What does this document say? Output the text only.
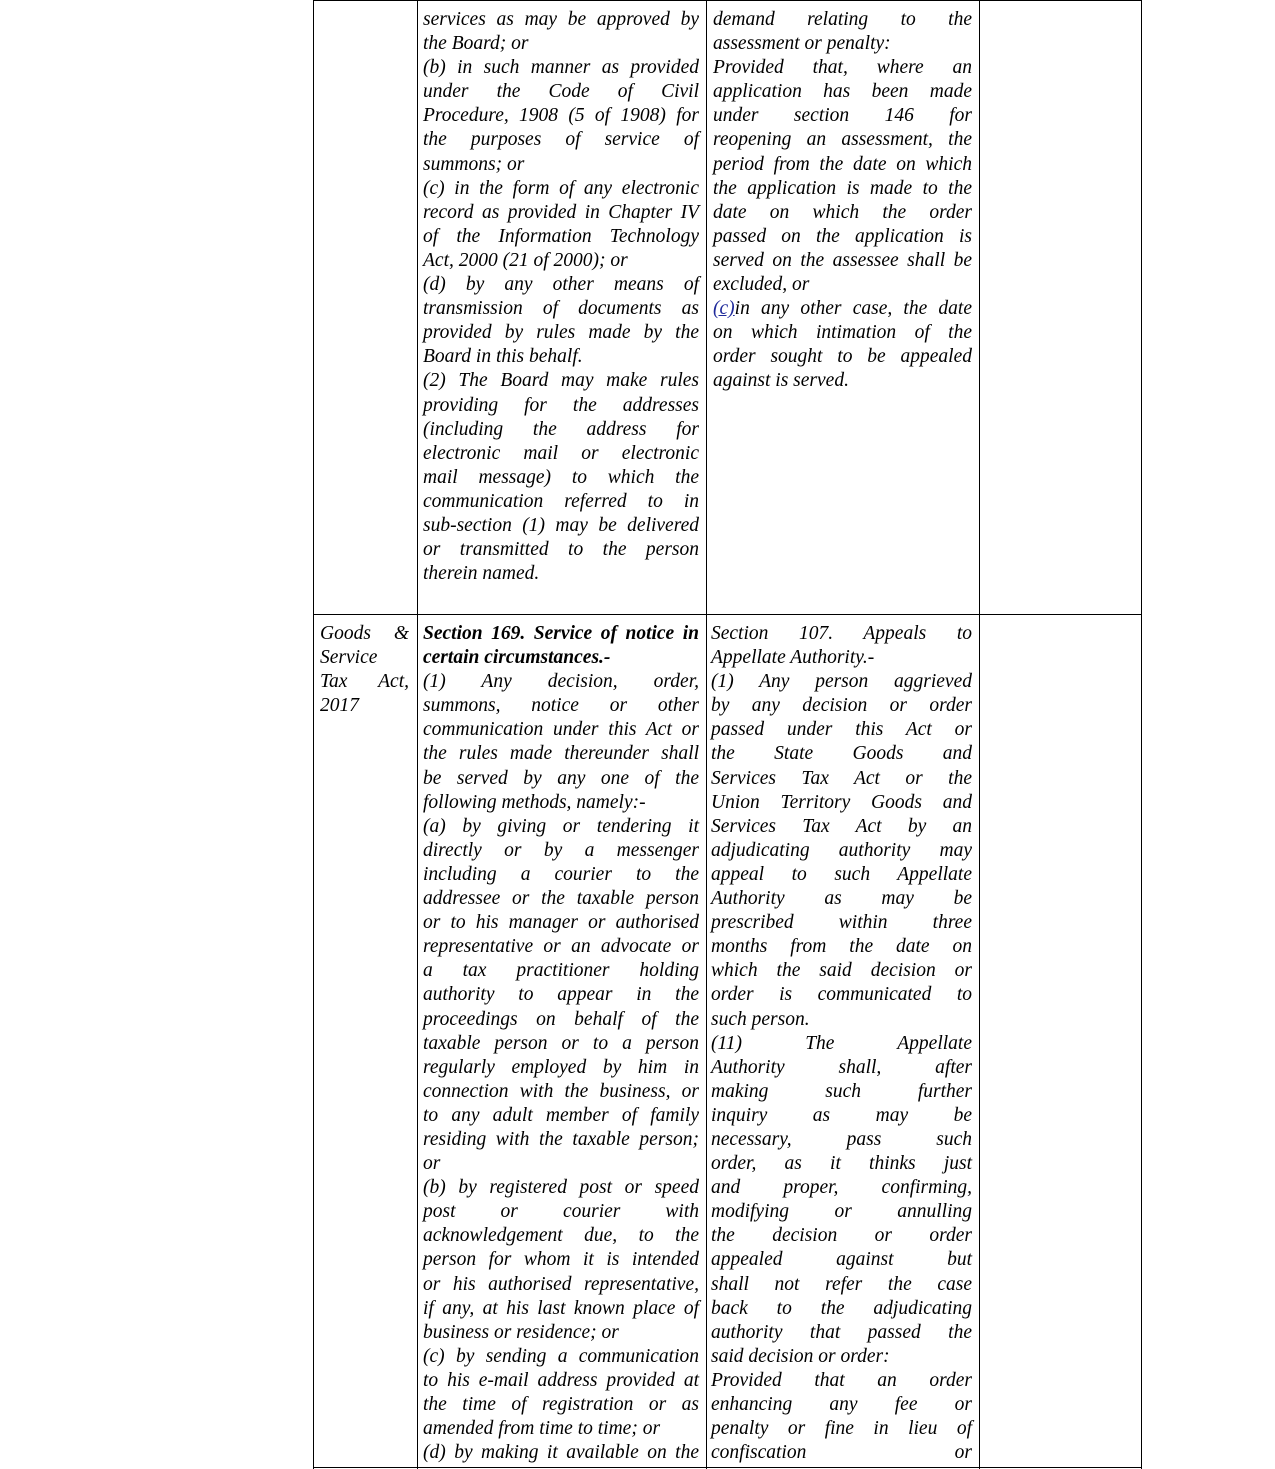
services as may be approved by
the Board; or
(b) in such manner as provided
under the Code of Civil
Procedure, 1908 (5 of 1908) for
the purposes of service of
summons; or
(c) in the form of any electronic
record as provided in Chapter IV
of the Information Technology
Act, 2000 (21 of 2000); or
(d) by any other means of
transmission of documents as
provided by rules made by the
Board in this behalf.
(2) The Board may make rules
providing for the addresses
(including the address for
electronic mail or electronic
mail message) to which the
communication referred to in
sub-section (1) may be delivered
or transmitted to the person
therein named.
demand relating to the
assessment or penalty:
Provided that, where an
application has been made
under section 146 for
reopening an assessment, the
period from the date on which
the application is made to the
date on which the order
passed on the application is
served on the assessee shall be
excluded, or
(c)in any other case, the date
on which intimation of the
order sought to be appealed
against is served.
Goods &
Service
Tax Act,
2017
Section 169. Service of notice in
certain circumstances.-
(1) Any decision, order,
summons, notice or other
communication under this Act or
the rules made thereunder shall
be served by any one of the
following methods, namely:-
(a) by giving or tendering it
directly or by a messenger
including a courier to the
addressee or the taxable person
or to his manager or authorised
representative or an advocate or
a tax practitioner holding
authority to appear in the
proceedings on behalf of the
taxable person or to a person
regularly employed by him in
connection with the business, or
to any adult member of family
residing with the taxable person;
or
(b) by registered post or speed
post or courier with
acknowledgement due, to the
person for whom it is intended
or his authorised representative,
if any, at his last known place of
business or residence; or
(c) by sending a communication
to his e-mail address provided at
the time of registration or as
amended from time to time; or
(d) by making it available on the
Section 107. Appeals to
Appellate Authority.-
(1) Any person aggrieved
by any decision or order
passed under this Act or
the State Goods and
Services Tax Act or the
Union Territory Goods and
Services Tax Act by an
adjudicating authority may
appeal to such Appellate
Authority as may be
prescribed within three
months from the date on
which the said decision or
order is communicated to
such person.
(11) The Appellate
Authority shall, after
making such further
inquiry as may be
necessary, pass such
order, as it thinks just
and proper, confirming,
modifying or annulling
the decision or order
appealed against but
shall not refer the case
back to the adjudicating
authority that passed the
said decision or order:
Provided that an order
enhancing any fee or
penalty or fine in lieu of
confiscation or
